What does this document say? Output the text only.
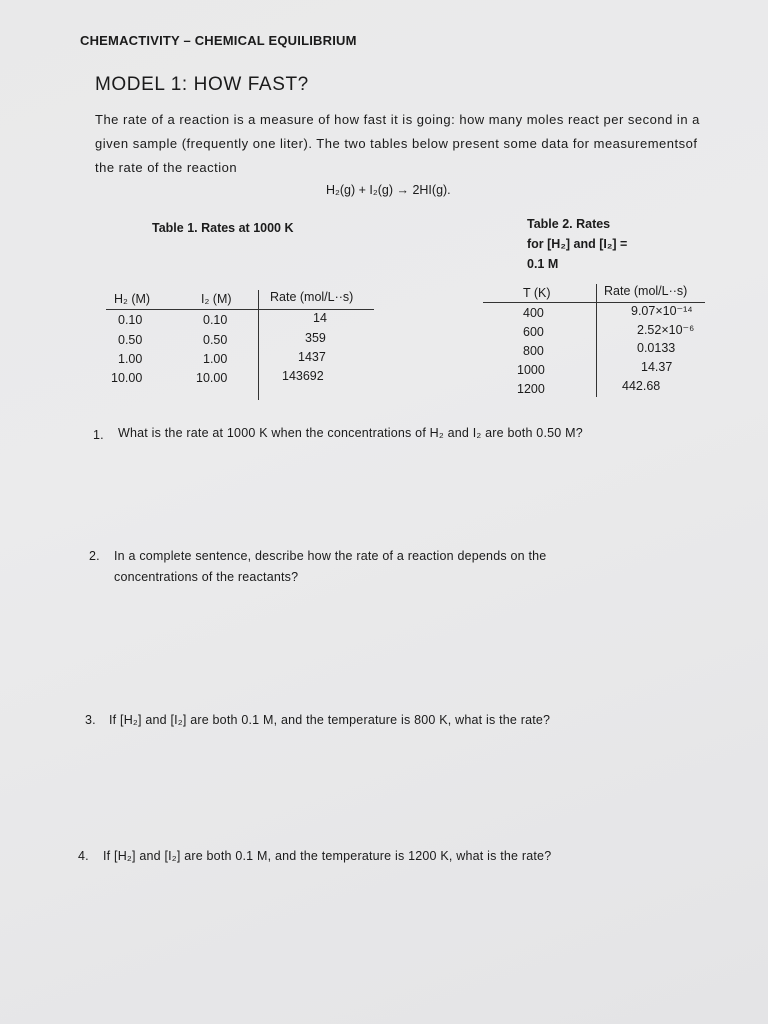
CHEMACTIVITY – CHEMICAL EQUILIBRIUM
MODEL 1: HOW FAST?
The rate of a reaction is a measure of how fast it is going: how many moles react per second in a given sample (frequently one liter). The two tables below present some data for measurementsof the rate of the reaction
H₂(g) + I₂(g) → 2HI(g).
Table 1. Rates at 1000 K
H₂ (M)	I₂ (M)	Rate (mol/L··s)
0.10	0.10	14
0.50	0.50	359
1.00	1.00	1437
10.00	10.00	143692
Table 2. Rates
for [H₂] and [I₂] =
0.1 M
T (K)	Rate (mol/L··s)
400	9.07×10⁻¹⁴
600	2.52×10⁻⁶
800	0.0133
1000	14.37
1200	442.68
1. What is the rate at 1000 K when the concentrations of H₂ and I₂ are both 0.50 M?
2. In a complete sentence, describe how the rate of a reaction depends on the concentrations of the reactants?
3. If [H₂] and [I₂] are both 0.1 M, and the temperature is 800 K, what is the rate?
4. If [H₂] and [I₂] are both 0.1 M, and the temperature is 1200 K, what is the rate?
